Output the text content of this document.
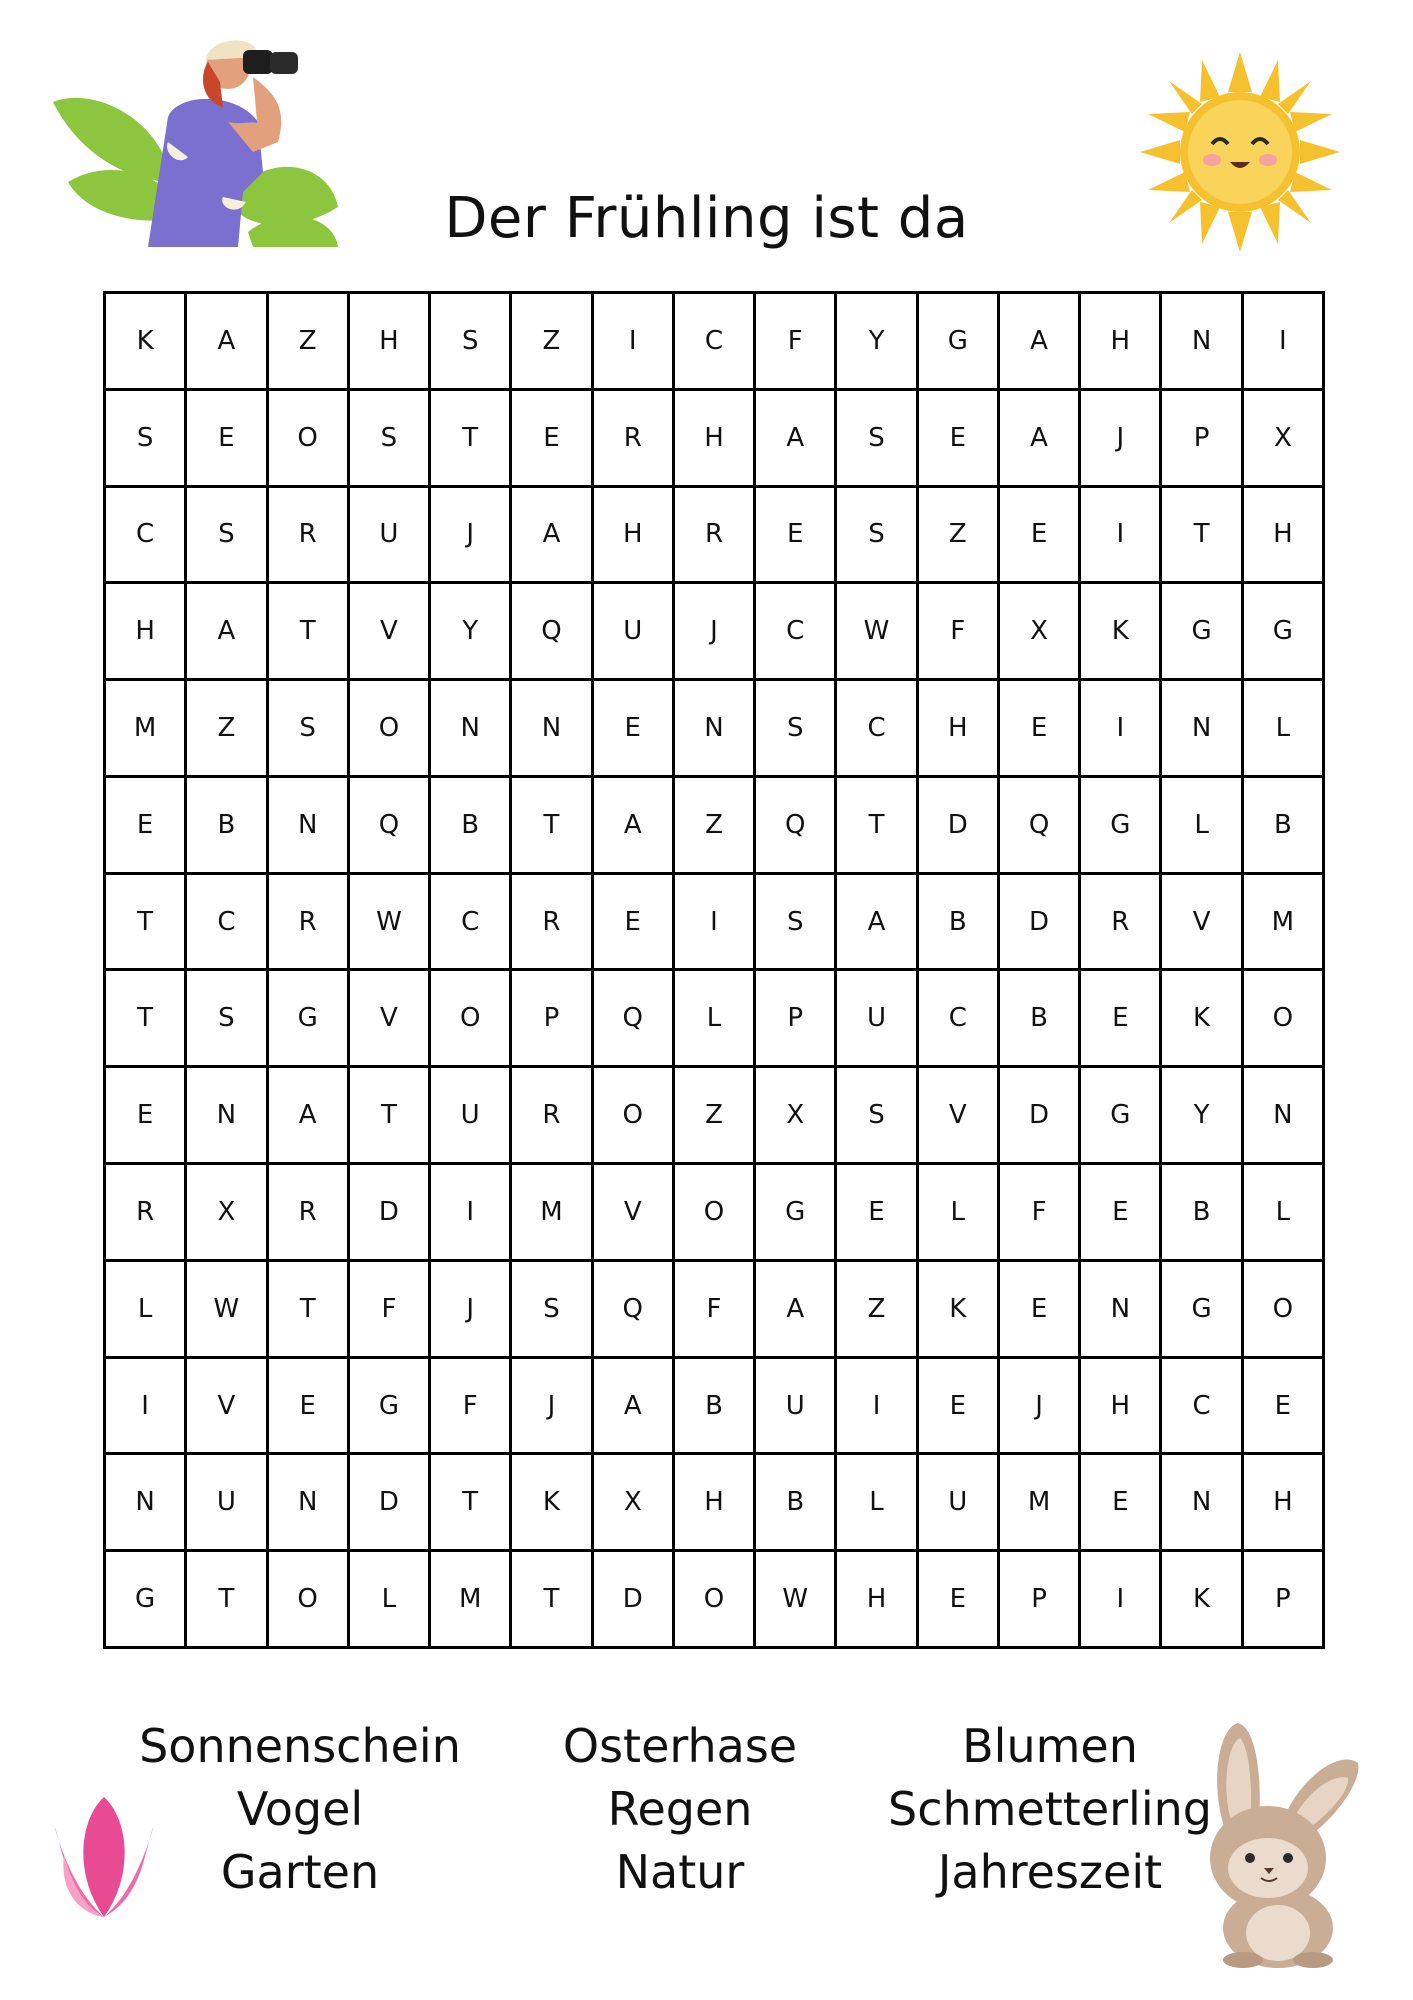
Der Frühling ist da
K	A	Z	H	S	Z	I	C	F	Y	G	A	H	N	I
S	E	O	S	T	E	R	H	A	S	E	A	J	P	X
C	S	R	U	J	A	H	R	E	S	Z	E	I	T	H
H	A	T	V	Y	Q	U	J	C	W	F	X	K	G	G
M	Z	S	O	N	N	E	N	S	C	H	E	I	N	L
E	B	N	Q	B	T	A	Z	Q	T	D	Q	G	L	B
T	C	R	W	C	R	E	I	S	A	B	D	R	V	M
T	S	G	V	O	P	Q	L	P	U	C	B	E	K	O
E	N	A	T	U	R	O	Z	X	S	V	D	G	Y	N
R	X	R	D	I	M	V	O	G	E	L	F	E	B	L
L	W	T	F	J	S	Q	F	A	Z	K	E	N	G	O
I	V	E	G	F	J	A	B	U	I	E	J	H	C	E
N	U	N	D	T	K	X	H	B	L	U	M	E	N	H
G	T	O	L	M	T	D	O	W	H	E	P	I	K	P
Sonnenschein
Vogel
Garten
Osterhase
Regen
Natur
Blumen
Schmetterling
Jahreszeit
